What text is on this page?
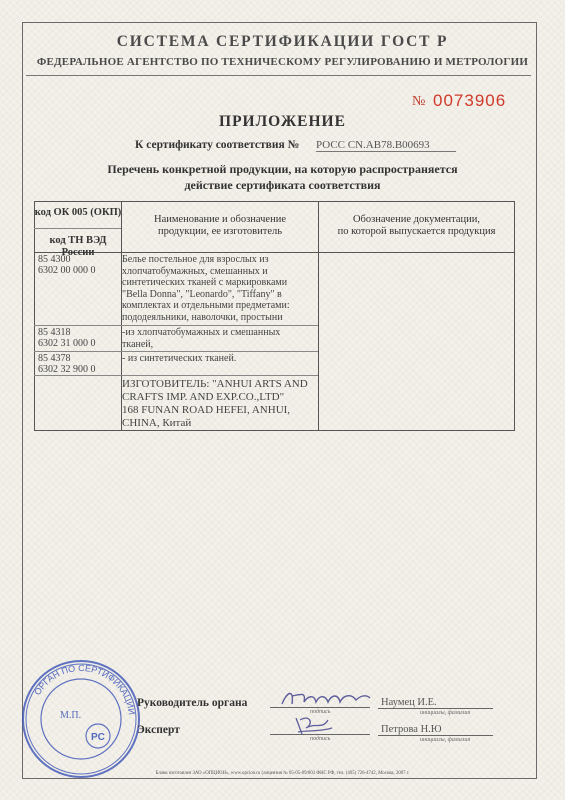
СИСТЕМА СЕРТИФИКАЦИИ ГОСТ Р
ФЕДЕРАЛЬНОЕ АГЕНТСТВО ПО ТЕХНИЧЕСКОМУ РЕГУЛИРОВАНИЮ И МЕТРОЛОГИИ
№ 0073906
ПРИЛОЖЕНИЕ
К сертификату соответствия № РОСС CN.АВ78.В00693
Перечень конкретной продукции, на которую распространяется
действие сертификата соответствия
код ОК 005 (ОКП)
код ТН ВЭД России
Наименование и обозначение
продукции, ее изготовитель
Обозначение документации,
по которой выпускается продукция
85 4300
6302 00 000 0
Белье постельное для взрослых из
хлопчатобумажных, смешанных и
синтетических тканей с маркировками
"Bella Donna", "Leonardo", "Tiffany" в
комплектах и отдельными предметами:
пододеяльники, наволочки, простыни
85 4318
6302 31 000 0
-из хлопчатобумажных и смешанных
тканей,
85 4378
6302 32 900 0
- из синтетических тканей.
ИЗГОТОВИТЕЛЬ: "ANHUI ARTS AND
CRAFTS IMP. AND EXP.CO.,LTD"
168 FUNAN ROAD HEFEI, ANHUI,
CHINA, Китай
ОРГАН ПО СЕРТИФИКАЦИИ
PC
М.П.
Руководитель органа
подпись
Наумец И.Е.
инициалы, фамилия
Эксперт
подпись
Петрова Н.Ю
инициалы, фамилия
Бланк изготовлен ЗАО «ОПЦИОН», www.opcion.ru (лицензия № 05-05-09/003 ФНС РФ, тел. (495) 726-4742, Москва, 2007 г.
